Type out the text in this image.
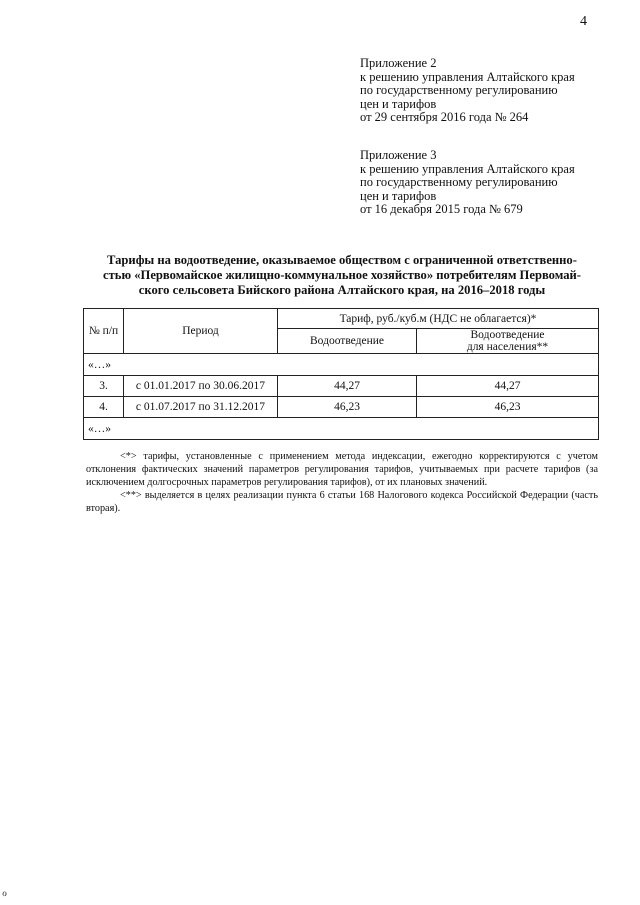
4
Приложение 2
к решению управления Алтайского края
по государственному регулированию
цен и тарифов
от 29 сентября 2016 года № 264
Приложение 3
к решению управления Алтайского края
по государственному регулированию
цен и тарифов
от 16 декабря 2015 года № 679
Тарифы на водоотведение, оказываемое обществом с ограниченной ответственно-
стью «Первомайское жилищно-коммунальное хозяйство» потребителям Первомай-
ского сельсовета Бийского района Алтайского края, на 2016–2018 годы
№ п/п	Период	Тариф, руб./куб.м (НДС не облагается)*	
		Водоотведение	Водоотведение
для населения**
«…»			
3.	с 01.01.2017 по 30.06.2017	44,27	44,27
4.	с 01.07.2017 по 31.12.2017	46,23	46,23
«…»			

<*> тарифы, установленные с применением метода индексации, ежегодно корректируются с учетом отклонения фактических значений параметров регулирования тарифов, учитываемых при расчете тарифов (за исключением долгосрочных параметров регулирования тарифов), от их плановых значений.

<**> выделяется в целях реализации пункта 6 статьи 168 Налогового кодекса Российской Федерации (часть вторая).

ℴ
